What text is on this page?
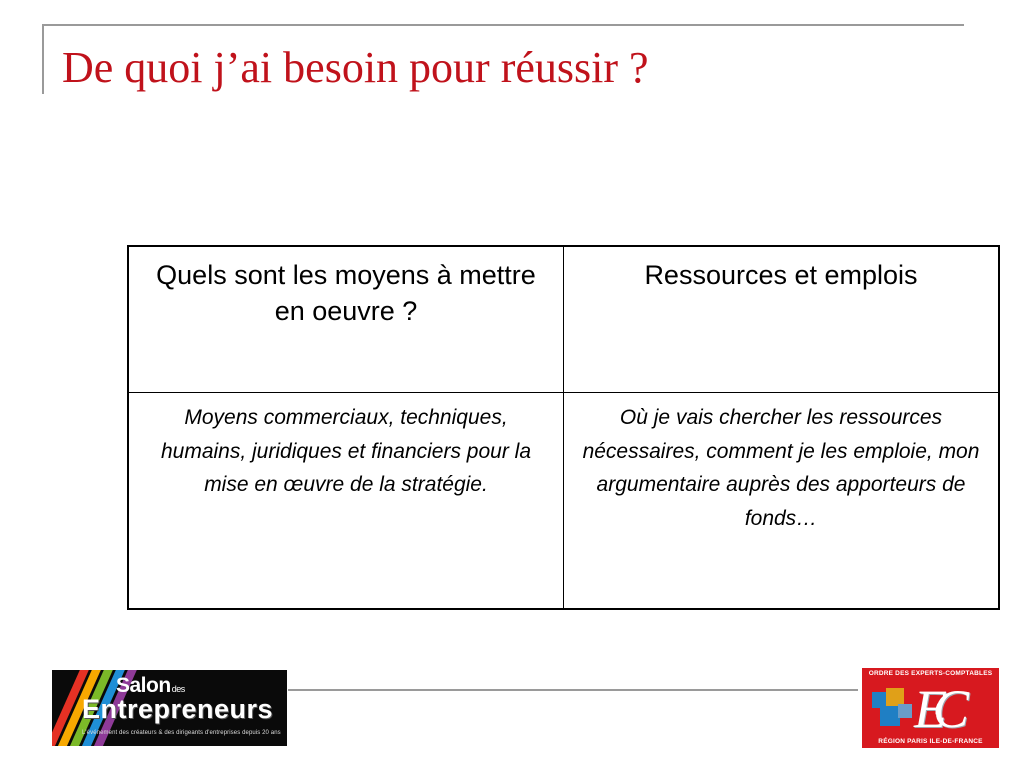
De quoi j’ai besoin pour réussir ?
Quels sont les moyens à mettre en oeuvre ?	Ressources et emplois
Moyens commerciaux, techniques, humains, juridiques et financiers pour la mise en œuvre de la stratégie.	Où je vais chercher les ressources nécessaires, comment je les emploie, mon argumentaire auprès des apporteurs de fonds…
Salondes
Entrepreneurs
L'événement des créateurs & des dirigeants d'entreprises depuis 20 ans
ORDRE DES EXPERTS-COMPTABLES
EC
RÉGION PARIS ILE-DE-FRANCE
